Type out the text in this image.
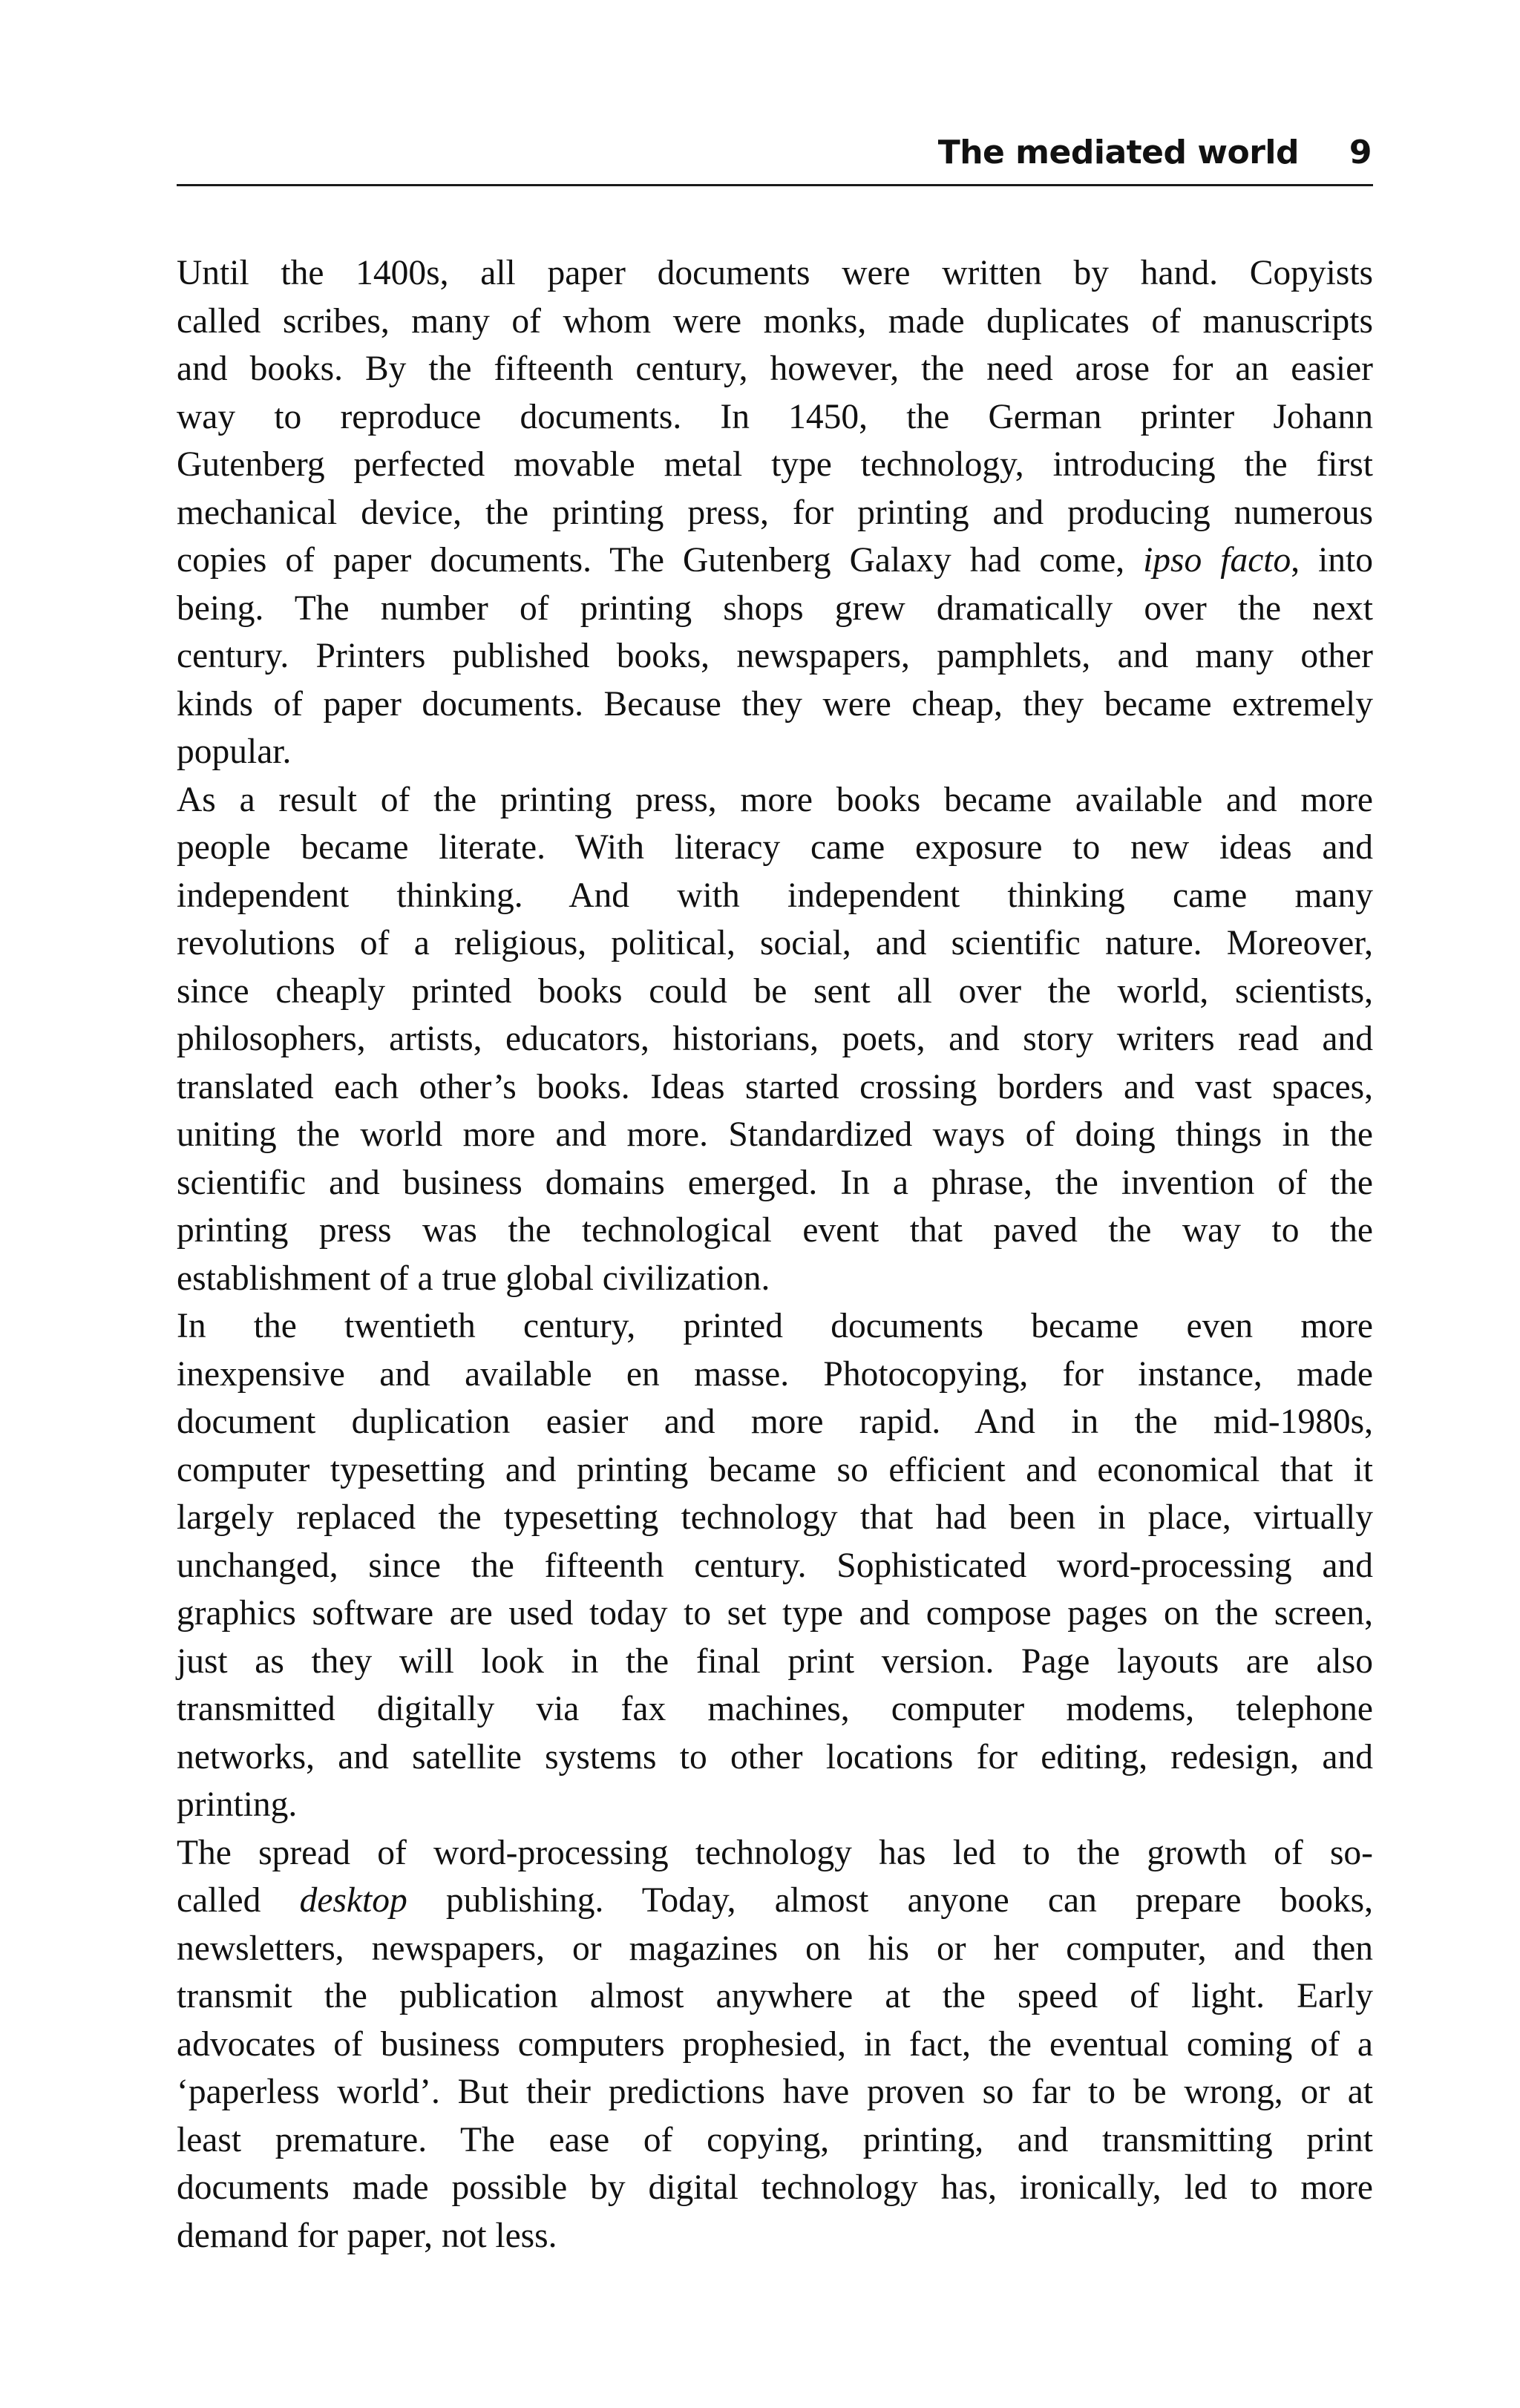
The mediated world 9

Until the 1400s, all paper documents were written by hand. Copyists
called scribes, many of whom were monks, made duplicates of manuscripts
and books. By the fifteenth century, however, the need arose for an easier
way to reproduce documents. In 1450, the German printer Johann
Gutenberg perfected movable metal type technology, introducing the first
mechanical device, the printing press, for printing and producing numerous
copies of paper documents. The Gutenberg Galaxy had come, ipso facto, into
being. The number of printing shops grew dramatically over the next
century. Printers published books, newspapers, pamphlets, and many other
kinds of paper documents. Because they were cheap, they became extremely
popular.

As a result of the printing press, more books became available and more
people became literate. With literacy came exposure to new ideas and
independent thinking. And with independent thinking came many
revolutions of a religious, political, social, and scientific nature. Moreover,
since cheaply printed books could be sent all over the world, scientists,
philosophers, artists, educators, historians, poets, and story writers read and
translated each other’s books. Ideas started crossing borders and vast spaces,
uniting the world more and more. Standardized ways of doing things in the
scientific and business domains emerged. In a phrase, the invention of the
printing press was the technological event that paved the way to the
establishment of a true global civilization.

In the twentieth century, printed documents became even more
inexpensive and available en masse. Photocopying, for instance, made
document duplication easier and more rapid. And in the mid-1980s,
computer typesetting and printing became so efficient and economical that it
largely replaced the typesetting technology that had been in place, virtually
unchanged, since the fifteenth century. Sophisticated word-processing and
graphics software are used today to set type and compose pages on the screen,
just as they will look in the final print version. Page layouts are also
transmitted digitally via fax machines, computer modems, telephone
networks, and satellite systems to other locations for editing, redesign, and
printing.

The spread of word-processing technology has led to the growth of so-
called desktop publishing. Today, almost anyone can prepare books,
newsletters, newspapers, or magazines on his or her computer, and then
transmit the publication almost anywhere at the speed of light. Early
advocates of business computers prophesied, in fact, the eventual coming of a
‘paperless world’. But their predictions have proven so far to be wrong, or at
least premature. The ease of copying, printing, and transmitting print
documents made possible by digital technology has, ironically, led to more
demand for paper, not less.
